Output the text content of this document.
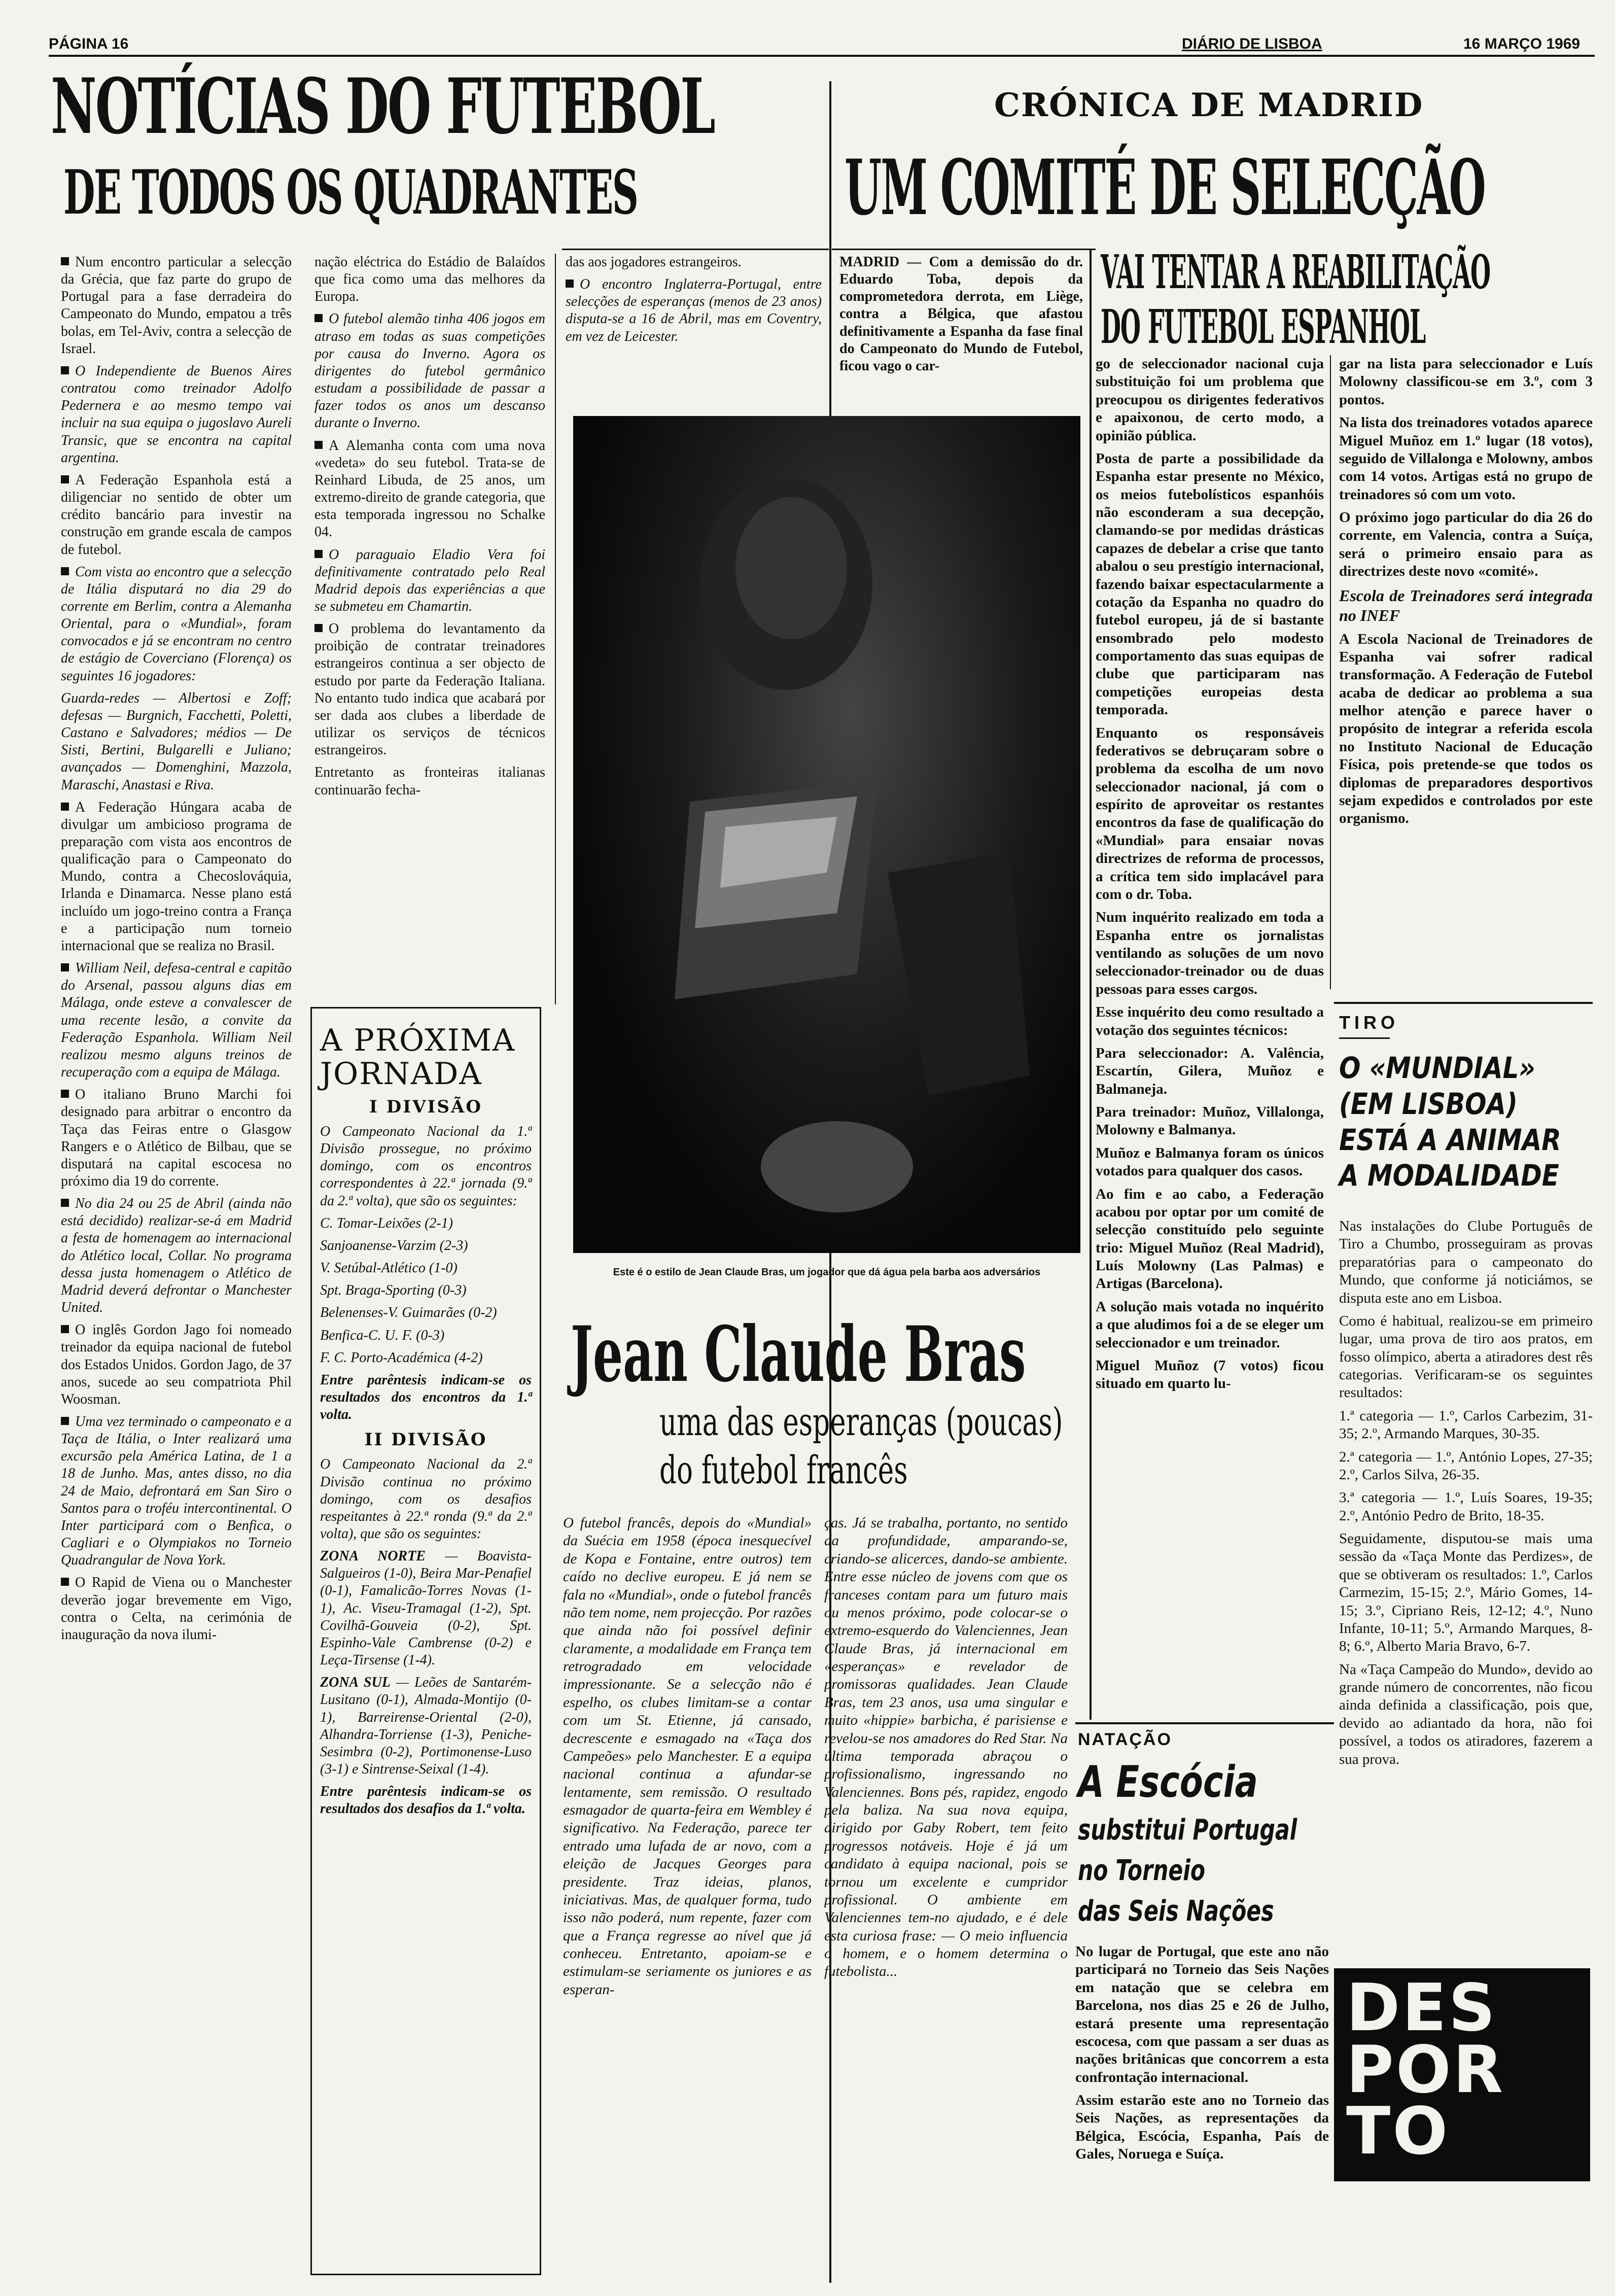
PÁGINA 16	DIÁRIO DE LISBOA	16 MARÇO 1969
NOTÍCIAS DO FUTEBOL
DE TODOS OS QUADRANTES
CRÓNICA DE MADRID
UM COMITÉ DE SELECÇÃO
VAI TENTAR A REABILITAÇÃO
DO FUTEBOL ESPANHOL

Num encontro particular a selecção da Grécia, que faz parte do grupo de Portugal para a fase derradeira do Campeonato do Mundo, empatou a três bolas, em Tel-Aviv, contra a selecção de Israel.

O Independiente de Buenos Aires contratou como treinador Adolfo Pedernera e ao mesmo tempo vai incluir na sua equipa o jugoslavo Aureli Transic, que se encontra na capital argentina.

A Federação Espanhola está a diligenciar no sentido de obter um crédito bancário para investir na construção em grande escala de campos de futebol.

Com vista ao encontro que a selecção de Itália disputará no dia 29 do corrente em Berlim, contra a Alemanha Oriental, para o «Mundial», foram convocados e já se encontram no centro de estágio de Coverciano (Florença) os seguintes 16 jogadores:

Guarda-redes — Albertosi e Zoff; defesas — Burgnich, Facchetti, Poletti, Castano e Salvadores; médios — De Sisti, Bertini, Bulgarelli e Juliano; avançados — Domenghini, Mazzola, Maraschi, Anastasi e Riva.

A Federação Húngara acaba de divulgar um ambicioso programa de preparação com vista aos encontros de qualificação para o Campeonato do Mundo, contra a Checoslováquia, Irlanda e Dinamarca. Nesse plano está incluído um jogo-treino contra a França e a participação num torneio internacional que se realiza no Brasil.

William Neil, defesa-central e capitão do Arsenal, passou alguns dias em Málaga, onde esteve a convalescer de uma recente lesão, a convite da Federação Espanhola. William Neil realizou mesmo alguns treinos de recuperação com a equipa de Málaga.

O italiano Bruno Marchi foi designado para arbitrar o encontro da Taça das Feiras entre o Glasgow Rangers e o Atlético de Bilbau, que se disputará na capital escocesa no próximo dia 19 do corrente.

No dia 24 ou 25 de Abril (ainda não está decidido) realizar-se-á em Madrid a festa de homenagem ao internacional do Atlético local, Collar. No programa dessa justa homenagem o Atlético de Madrid deverá defrontar o Manchester United.

O inglês Gordon Jago foi nomeado treinador da equipa nacional de futebol dos Estados Unidos. Gordon Jago, de 37 anos, sucede ao seu compatriota Phil Woosman.

Uma vez terminado o campeonato e a Taça de Itália, o Inter realizará uma excursão pela América Latina, de 1 a 18 de Junho. Mas, antes disso, no dia 24 de Maio, defrontará em San Siro o Santos para o troféu intercontinental. O Inter participará com o Benfica, o Cagliari e o Olympiakos no Torneio Quadrangular de Nova York.

O Rapid de Viena ou o Manchester deverão jogar brevemente em Vigo, contra o Celta, na cerimónia de inauguração da nova ilumi-

nação eléctrica do Estádio de Balaídos que fica como uma das melhores da Europa.

O futebol alemão tinha 406 jogos em atraso em todas as suas competições por causa do Inverno. Agora os dirigentes do futebol germânico estudam a possibilidade de passar a fazer todos os anos um descanso durante o Inverno.

A Alemanha conta com uma nova «vedeta» do seu futebol. Trata-se de Reinhard Libuda, de 25 anos, um extremo-direito de grande categoria, que esta temporada ingressou no Schalke 04.

O paraguaio Eladio Vera foi definitivamente contratado pelo Real Madrid depois das experiências a que se submeteu em Chamartin.

O problema do levantamento da proibição de contratar treinadores estrangeiros continua a ser objecto de estudo por parte da Federação Italiana. No entanto tudo indica que acabará por ser dada aos clubes a liberdade de utilizar os serviços de técnicos estrangeiros.

Entretanto as fronteiras italianas continuarão fecha-

das aos jogadores estrangeiros.

O encontro Inglaterra-Portugal, entre selecções de esperanças (menos de 23 anos) disputa-se a 16 de Abril, mas em Coventry, em vez de Leicester.

A PRÓXIMA JORNADA
I DIVISÃO

O Campeonato Nacional da 1.ª Divisão prossegue, no próximo domingo, com os encontros correspondentes à 22.ª jornada (9.ª da 2.ª volta), que são os seguintes:

C. Tomar-Leixões (2-1)

Sanjoanense-Varzim (2-3)

V. Setúbal-Atlético (1-0)

Spt. Braga-Sporting (0-3)

Belenenses-V. Guimarães (0-2)

Benfica-C. U. F. (0-3)

F. C. Porto-Académica (4-2)

Entre parêntesis indicam-se os resultados dos encontros da 1.ª volta.

II DIVISÃO

O Campeonato Nacional da 2.ª Divisão continua no próximo domingo, com os desafios respeitantes à 22.ª ronda (9.ª da 2.ª volta), que são os seguintes:

ZONA NORTE — Boavista-Salgueiros (1-0), Beira Mar-Penafiel (0-1), Famalicão-Torres Novas (1-1), Ac. Viseu-Tramagal (1-2), Spt. Covilhã-Gouveia (0-2), Spt. Espinho-Vale Cambrense (0-2) e Leça-Tirsense (1-4).

ZONA SUL — Leões de Santarém-Lusitano (0-1), Almada-Montijo (0-1), Barreirense-Oriental (2-0), Alhandra-Torriense (1-3), Peniche-Sesimbra (0-2), Portimonense-Luso (3-1) e Sintrense-Seixal (1-4).

Entre parêntesis indicam-se os resultados dos desafios da 1.ª volta.

MADRID — Com a demissão do dr. Eduardo Toba, depois da comprometedora derrota, em Liège, contra a Bélgica, que afastou definitivamente a Espanha da fase final do Campeonato do Mundo de Futebol, ficou vago o car-

Este é o estilo de Jean Claude Bras, um jogador que dá água pela barba aos adversários
Jean Claude Bras
uma das esperanças (poucas)
do futebol francês

O futebol francês, depois do «Mundial» da Suécia em 1958 (época inesquecível de Kopa e Fontaine, entre outros) tem caído no declive europeu. E já nem se fala no «Mundial», onde o futebol francês não tem nome, nem projecção. Por razões que ainda não foi possível definir claramente, a modalidade em França tem retrogradado em velocidade impressionante. Se a selecção não é espelho, os clubes limitam-se a contar com um St. Etienne, já cansado, decrescente e esmagado na «Taça dos Campeões» pelo Manchester. E a equipa nacional continua a afundar-se lentamente, sem remissão. O resultado esmagador de quarta-feira em Wembley é significativo. Na Federação, parece ter entrado uma lufada de ar novo, com a eleição de Jacques Georges para presidente. Traz ideias, planos, iniciativas. Mas, de qualquer forma, tudo isso não poderá, num repente, fazer com que a França regresse ao nível que já conheceu. Entretanto, apoiam-se e estimulam-se seriamente os juniores e as esperan-

ças. Já se trabalha, portanto, no sentido da profundidade, amparando-se, criando-se alicerces, dando-se ambiente. Entre esse núcleo de jovens com que os franceses contam para um futuro mais ou menos próximo, pode colocar-se o extremo-esquerdo do Valenciennes, Jean Claude Bras, já internacional em «esperanças» e revelador de promissoras qualidades. Jean Claude Bras, tem 23 anos, usa uma singular e muito «hippie» barbicha, é parisiense e revelou-se nos amadores do Red Star. Na última temporada abraçou o profissionalismo, ingressando no Valenciennes. Bons pés, rapidez, engodo pela baliza. Na sua nova equipa, dirigido por Gaby Robert, tem feito progressos notáveis. Hoje é já um candidato à equipa nacional, pois se tornou um excelente e cumpridor profissional. O ambiente em Valenciennes tem-no ajudado, e é dele esta curiosa frase: — O meio influencia o homem, e o homem determina o futebolista...

go de seleccionador nacional cuja substituição foi um problema que preocupou os dirigentes federativos e apaixonou, de certo modo, a opinião pública.

Posta de parte a possibilidade da Espanha estar presente no México, os meios futebolísticos espanhóis não esconderam a sua decepção, clamando-se por medidas drásticas capazes de debelar a crise que tanto abalou o seu prestígio internacional, fazendo baixar espectacularmente a cotação da Espanha no quadro do futebol europeu, já de si bastante ensombrado pelo modesto comportamento das suas equipas de clube que participaram nas competições europeias desta temporada.

Enquanto os responsáveis federativos se debruçaram sobre o problema da escolha de um novo seleccionador nacional, já com o espírito de aproveitar os restantes encontros da fase de qualificação do «Mundial» para ensaiar novas directrizes de reforma de processos, a crítica tem sido implacável para com o dr. Toba.

Num inquérito realizado em toda a Espanha entre os jornalistas ventilando as soluções de um novo seleccionador-treinador ou de duas pessoas para esses cargos.

Esse inquérito deu como resultado a votação dos seguintes técnicos:

Para seleccionador: A. Valência, Escartín, Gilera, Muñoz e Balmaneja.

Para treinador: Muñoz, Villalonga, Molowny e Balmanya.

Muñoz e Balmanya foram os únicos votados para qualquer dos casos.

Ao fim e ao cabo, a Federação acabou por optar por um comité de selecção constituído pelo seguinte trio: Miguel Muñoz (Real Madrid), Luís Molowny (Las Palmas) e Artigas (Barcelona).

A solução mais votada no inquérito a que aludimos foi a de se eleger um seleccionador e um treinador.

Miguel Muñoz (7 votos) ficou situado em quarto lu-

gar na lista para seleccionador e Luís Molowny classificou-se em 3.º, com 3 pontos.

Na lista dos treinadores votados aparece Miguel Muñoz em 1.º lugar (18 votos), seguido de Villalonga e Molowny, ambos com 14 votos. Artigas está no grupo de treinadores só com um voto.

O próximo jogo particular do dia 26 do corrente, em Valencia, contra a Suíça, será o primeiro ensaio para as directrizes deste novo «comité».

Escola de Treinadores será integrada no INEF

A Escola Nacional de Treinadores de Espanha vai sofrer radical transformação. A Federação de Futebol acaba de dedicar ao problema a sua melhor atenção e parece haver o propósito de integrar a referida escola no Instituto Nacional de Educação Física, pois pretende-se que todos os diplomas de preparadores desportivos sejam expedidos e controlados por este organismo.

TIRO
O «MUNDIAL» (EM LISBOA) ESTÁ A ANIMAR A MODALIDADE

Nas instalações do Clube Português de Tiro a Chumbo, prosseguiram as provas preparatórias para o campeonato do Mundo, que conforme já noticiámos, se disputa este ano em Lisboa.

Como é habitual, realizou-se em primeiro lugar, uma prova de tiro aos pratos, em fosso olímpico, aberta a atiradores dest rês categorias. Verificaram-se os seguintes resultados:

1.ª categoria — 1.º, Carlos Carbezim, 31-35; 2.º, Armando Marques, 30-35.

2.ª categoria — 1.º, António Lopes, 27-35; 2.º, Carlos Silva, 26-35.

3.ª categoria — 1.º, Luís Soares, 19-35; 2.º, António Pedro de Brito, 18-35.

Seguidamente, disputou-se mais uma sessão da «Taça Monte das Perdizes», de que se obtiveram os resultados: 1.º, Carlos Carmezim, 15-15; 2.º, Mário Gomes, 14-15; 3.º, Cipriano Reis, 12-12; 4.º, Nuno Infante, 10-11; 5.º, Armando Marques, 8-8; 6.º, Alberto Maria Bravo, 6-7.

Na «Taça Campeão do Mundo», devido ao grande número de concorrentes, não ficou ainda definida a classificação, pois que, devido ao adiantado da hora, não foi possível, a todos os atiradores, fazerem a sua prova.

NATAÇÃO
A Escócia
substitui Portugal
no Torneio
das Seis Nações

No lugar de Portugal, que este ano não participará no Torneio das Seis Nações em natação que se celebra em Barcelona, nos dias 25 e 26 de Julho, estará presente uma representação escocesa, com que passam a ser duas as nações britânicas que concorrem a esta confrontação internacional.

Assim estarão este ano no Torneio das Seis Nações, as representações da Bélgica, Escócia, Espanha, País de Gales, Noruega e Suíça.

DES
POR
TO
